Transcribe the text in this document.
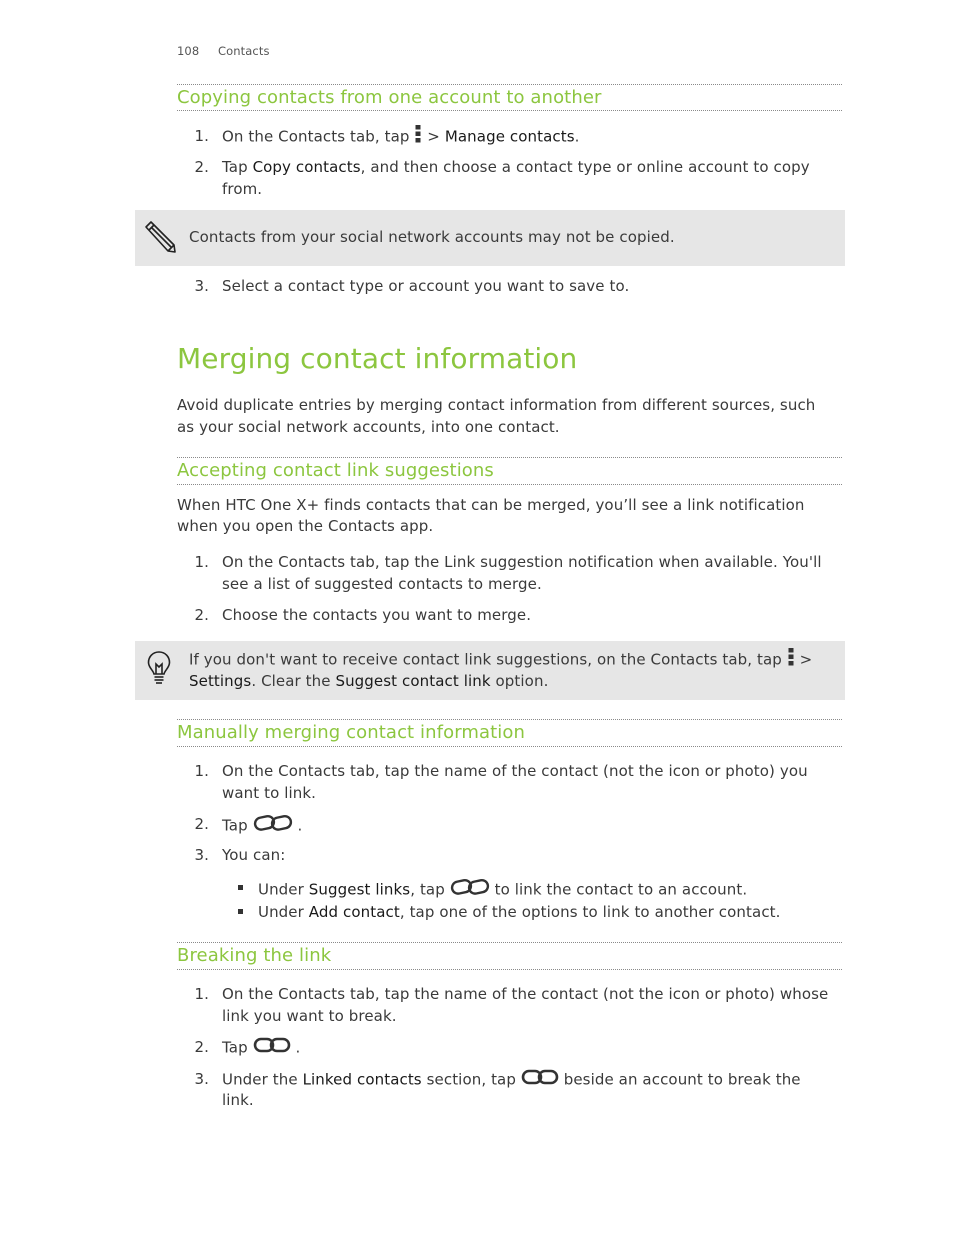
108 Contacts
Copying contacts from one account to another
1. On the Contacts tab, tap > Manage contacts.
2. Tap Copy contacts, and then choose a contact type or online account to copy
from.
Contacts from your social network accounts may not be copied.
3. Select a contact type or account you want to save to.
Merging contact information
Avoid duplicate entries by merging contact information from different sources, such
as your social network accounts, into one contact.
Accepting contact link suggestions
When HTC One X+ finds contacts that can be merged, you’ll see a link notification
when you open the Contacts app.
1. On the Contacts tab, tap the Link suggestion notification when available. You'll
see a list of suggested contacts to merge.
2. Choose the contacts you want to merge.
If you don't want to receive contact link suggestions, on the Contacts tab, tap >
Settings. Clear the Suggest contact link option.
Manually merging contact information
1. On the Contacts tab, tap the name of the contact (not the icon or photo) you
want to link.
2. Tap	.
3. You can:
Under Suggest links, tap	to link the contact to an account.
Under Add contact, tap one of the options to link to another contact.
Breaking the link
1. On the Contacts tab, tap the name of the contact (not the icon or photo) whose
link you want to break.
2. Tap	.
3. Under the Linked contacts section, tap	beside an account to break the
link.
